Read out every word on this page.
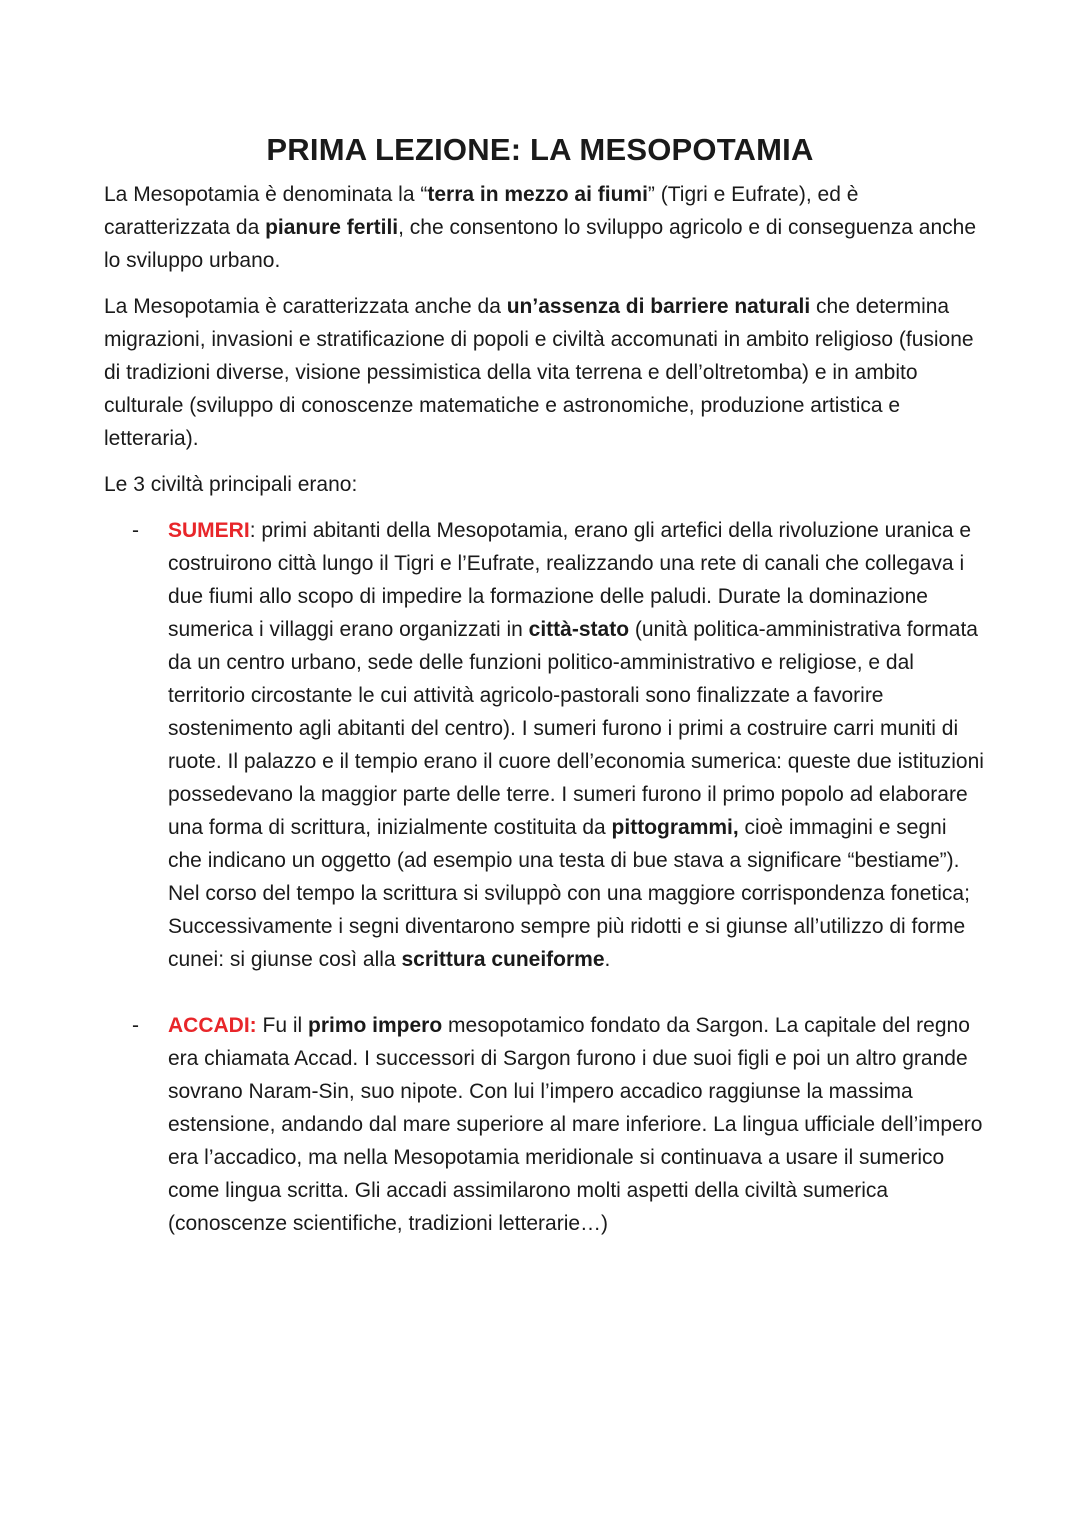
PRIMA LEZIONE: LA MESOPOTAMIA

La Mesopotamia è denominata la “terra in mezzo ai fiumi” (Tigri e Eufrate), ed è caratterizzata da pianure fertili, che consentono lo sviluppo agricolo e di conseguenza anche lo sviluppo urbano.

La Mesopotamia è caratterizzata anche da un’assenza di barriere naturali che determina migrazioni, invasioni e stratificazione di popoli e civiltà accomunati in ambito religioso (fusione di tradizioni diverse, visione pessimistica della vita terrena e dell’oltretomba) e in ambito culturale (sviluppo di conoscenze matematiche e astronomiche, produzione artistica e letteraria).

Le 3 civiltà principali erano:

- SUMERI: primi abitanti della Mesopotamia, erano gli artefici della rivoluzione uranica e costruirono città lungo il Tigri e l’Eufrate, realizzando una rete di canali che collegava i due fiumi allo scopo di impedire la formazione delle paludi. Durate la dominazione sumerica i villaggi erano organizzati in città-stato (unità politica-amministrativa formata da un centro urbano, sede delle funzioni politico-amministrativo e religiose, e dal territorio circostante le cui attività agricolo-pastorali sono finalizzate a favorire sostenimento agli abitanti del centro). I sumeri furono i primi a costruire carri muniti di ruote. Il palazzo e il tempio erano il cuore dell’economia sumerica: queste due istituzioni possedevano la maggior parte delle terre. I sumeri furono il primo popolo ad elaborare una forma di scrittura, inizialmente costituita da pittogrammi, cioè immagini e segni che indicano un oggetto (ad esempio una testa di bue stava a significare “bestiame”). Nel corso del tempo la scrittura si sviluppò con una maggiore corrispondenza fonetica; Successivamente i segni diventarono sempre più ridotti e si giunse all’utilizzo di forme cunei: si giunse così alla scrittura cuneiforme.
- ACCADI: Fu il primo impero mesopotamico fondato da Sargon. La capitale del regno era chiamata Accad. I successori di Sargon furono i due suoi figli e poi un altro grande sovrano Naram-Sin, suo nipote. Con lui l’impero accadico raggiunse la massima estensione, andando dal mare superiore al mare inferiore. La lingua ufficiale dell’impero era l’accadico, ma nella Mesopotamia meridionale si continuava a usare il sumerico come lingua scritta. Gli accadi assimilarono molti aspetti della civiltà sumerica (conoscenze scientifiche, tradizioni letterarie…)
